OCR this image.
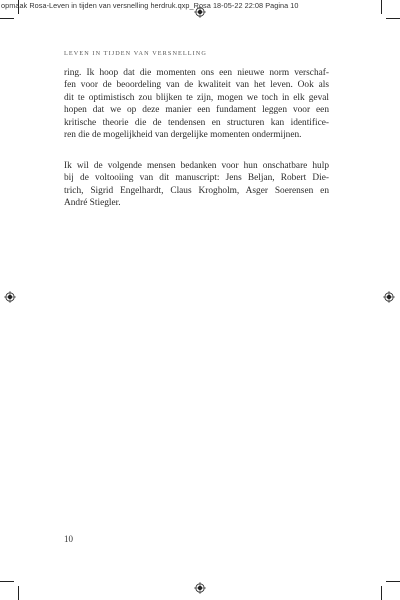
opmaak Rosa-Leven in tijden van versnelling herdruk.qxp_Rosa 18-05-22 22:08 Pagina 10
LEVEN IN TIJDEN VAN VERSNELLING
ring. Ik hoop dat die momenten ons een nieuwe norm verschaf-
fen voor de beoordeling van de kwaliteit van het leven. Ook als
dit te optimistisch zou blijken te zijn, mogen we toch in elk geval
hopen dat we op deze manier een fundament leggen voor een
kritische theorie die de tendensen en structuren kan identifice-
ren die de mogelijkheid van dergelijke momenten ondermijnen.
Ik wil de volgende mensen bedanken voor hun onschatbare hulp
bij de voltooiing van dit manuscript: Jens Beljan, Robert Die-
trich, Sigrid Engelhardt, Claus Krogholm, Asger Soerensen en
André Stiegler.
10
